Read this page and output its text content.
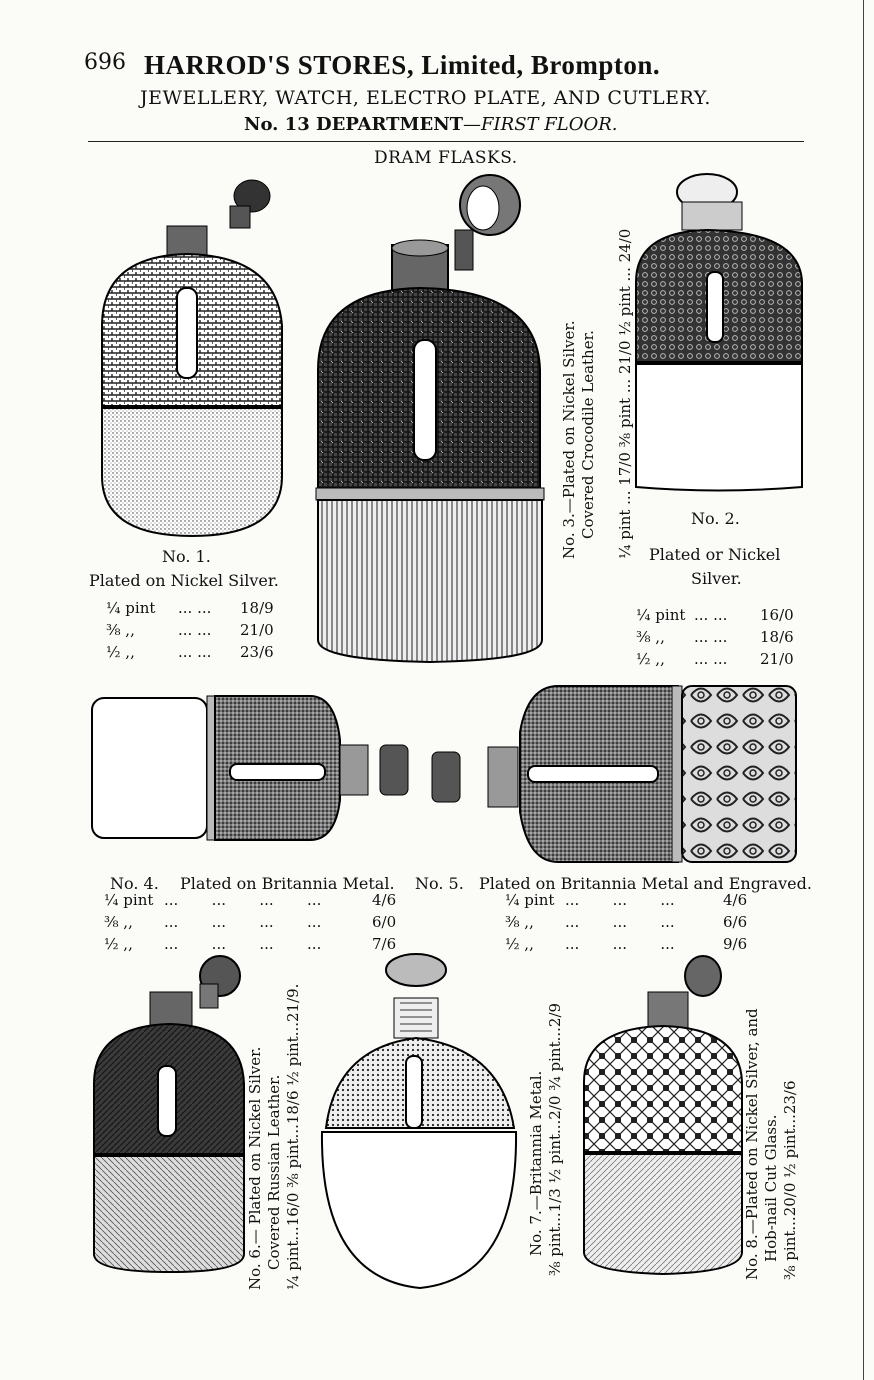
696 HARROD'S STORES, Limited, Brompton.
JEWELLERY, WATCH, ELECTRO PLATE, AND CUTLERY.
No. 13 DEPARTMENT—FIRST FLOOR.
DRAM FLASKS.
No. 1.
Plated on Nickel Silver.
¼ pint ... ... 18/9
⅜ ,,	... ... 21/0
½ ,,	... ... 23/6
No. 3.—Plated on Nickel Silver. Covered Crocodile Leather. ¼ pint ... 17/0 ⅜ pint ... 21/0 ½ pint ... 24/0	No. 2.
Plated or Nickel
Silver.
¼ pint ... ... 16/0
⅜ ,, ... ... 18/6
½ ,, ... ... 21/0
No. 4. Plated on Britannia Metal. No. 5. Plated on Britannia Metal and Engraved.
¼ pint ...       ...       ...       ...	4/6
⅜ ,, ...       ...       ...       ...	6/0
½ ,, ...       ...       ...       ...	7/6
¼ pint ...       ...       ...	4/6
⅜ ,, ...       ...       ...	6/6
½ ,, ...       ...       ...	9/6
No. 6.— Plated on Nickel Silver. Covered Russian Leather. ¼ pint...16/0 ⅜ pint...18/6 ½ pint...21/9.	No. 7.—Britannia Metal. ⅜ pint...1/3 ½ pint...2/0 ¾ pint...2/9	No. 8.—Plated on Nickel Silver, and Hob-nail Cut Glass. ⅜ pint...20/0 ½ pint...23/6
